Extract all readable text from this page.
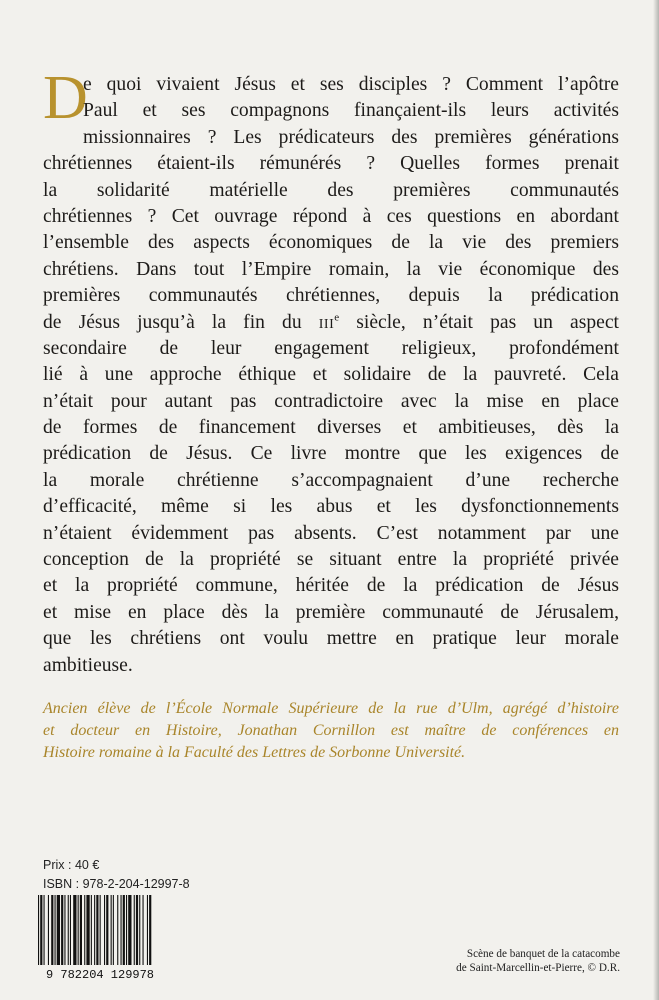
D
e quoi vivaient Jésus et ses disciples ? Comment l’apôtre
Paul et ses compagnons finançaient-ils leurs activités
missionnaires ? Les prédicateurs des premières générations
chrétiennes étaient-ils rémunérés ? Quelles formes prenait
la solidarité matérielle des premières communautés
chrétiennes ? Cet ouvrage répond à ces questions en abordant
l’ensemble des aspects économiques de la vie des premiers
chrétiens. Dans tout l’Empire romain, la vie économique des
premières communautés chrétiennes, depuis la prédication
de Jésus jusqu’à la fin du IIIe siècle, n’était pas un aspect
secondaire de leur engagement religieux, profondément
lié à une approche éthique et solidaire de la pauvreté. Cela
n’était pour autant pas contradictoire avec la mise en place
de formes de financement diverses et ambitieuses, dès la
prédication de Jésus. Ce livre montre que les exigences de
la morale chrétienne s’accompagnaient d’une recherche
d’efficacité, même si les abus et les dysfonctionnements
n’étaient évidemment pas absents. C’est notamment par une
conception de la propriété se situant entre la propriété privée
et la propriété commune, héritée de la prédication de Jésus
et mise en place dès la première communauté de Jérusalem,
que les chrétiens ont voulu mettre en pratique leur morale
ambitieuse.
Ancien élève de l’École Normale Supérieure de la rue d’Ulm, agrégé d’histoire
et docteur en Histoire, Jonathan Cornillon est maître de conférences en
Histoire romaine à la Faculté des Lettres de Sorbonne Université.
Prix : 40 €
ISBN : 978-2-204-12997-8
9 782204 129978
Scène de banquet de la catacombe
de Saint-Marcellin-et-Pierre, © D.R.
